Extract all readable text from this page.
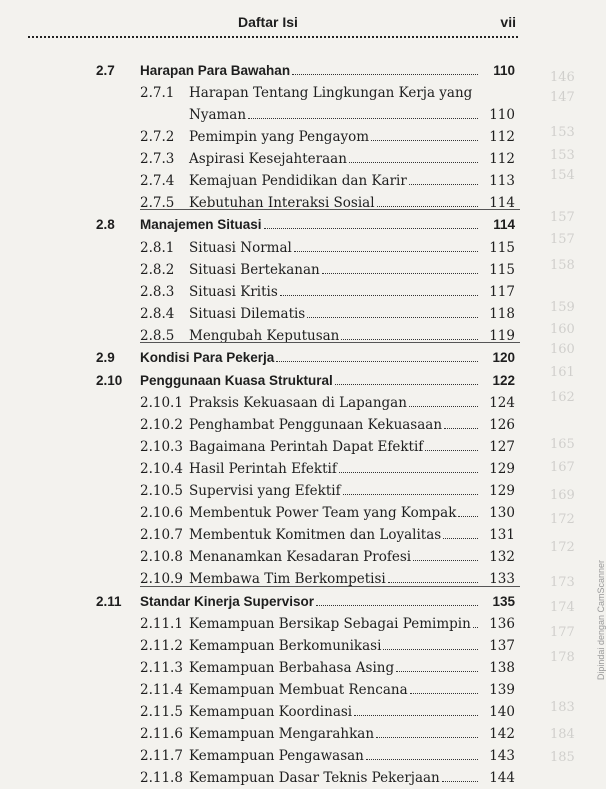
Daftar Isi	vii
146
147
153
153
154
157
157
158
159
160
160
161
162
165
167
169
172
172
173
174
177
178
183
184
185
2.7 Harapan Para Bawahan	110
2.7.1 Harapan Tentang Lingkungan Kerja yang
Nyaman	110
2.7.2 Pemimpin yang Pengayom	112
2.7.3 Aspirasi Kesejahteraan	112
2.7.4 Kemajuan Pendidikan dan Karir	113
2.7.5 Kebutuhan Interaksi Sosial	114
2.8 Manajemen Situasi	114
2.8.1 Situasi Normal	115
2.8.2 Situasi Bertekanan	115
2.8.3 Situasi Kritis	117
2.8.4 Situasi Dilematis	118
2.8.5 Mengubah Keputusan	119
2.9 Kondisi Para Pekerja	120
2.10 Penggunaan Kuasa Struktural	122
2.10.1 Praksis Kekuasaan di Lapangan	124
2.10.2 Penghambat Penggunaan Kekuasaan	126
2.10.3 Bagaimana Perintah Dapat Efektif	127
2.10.4 Hasil Perintah Efektif	129
2.10.5 Supervisi yang Efektif	129
2.10.6 Membentuk Power Team yang Kompak	130
2.10.7 Membentuk Komitmen dan Loyalitas	131
2.10.8 Menanamkan Kesadaran Profesi	132
2.10.9 Membawa Tim Berkompetisi	133
2.11 Standar Kinerja Supervisor	135
2.11.1 Kemampuan Bersikap Sebagai Pemimpin	136
2.11.2 Kemampuan Berkomunikasi	137
2.11.3 Kemampuan Berbahasa Asing	138
2.11.4 Kemampuan Membuat Rencana	139
2.11.5 Kemampuan Koordinasi	140
2.11.6 Kemampuan Mengarahkan	142
2.11.7 Kemampuan Pengawasan	143
2.11.8 Kemampuan Dasar Teknis Pekerjaan	144
Dipindai dengan CamScanner
